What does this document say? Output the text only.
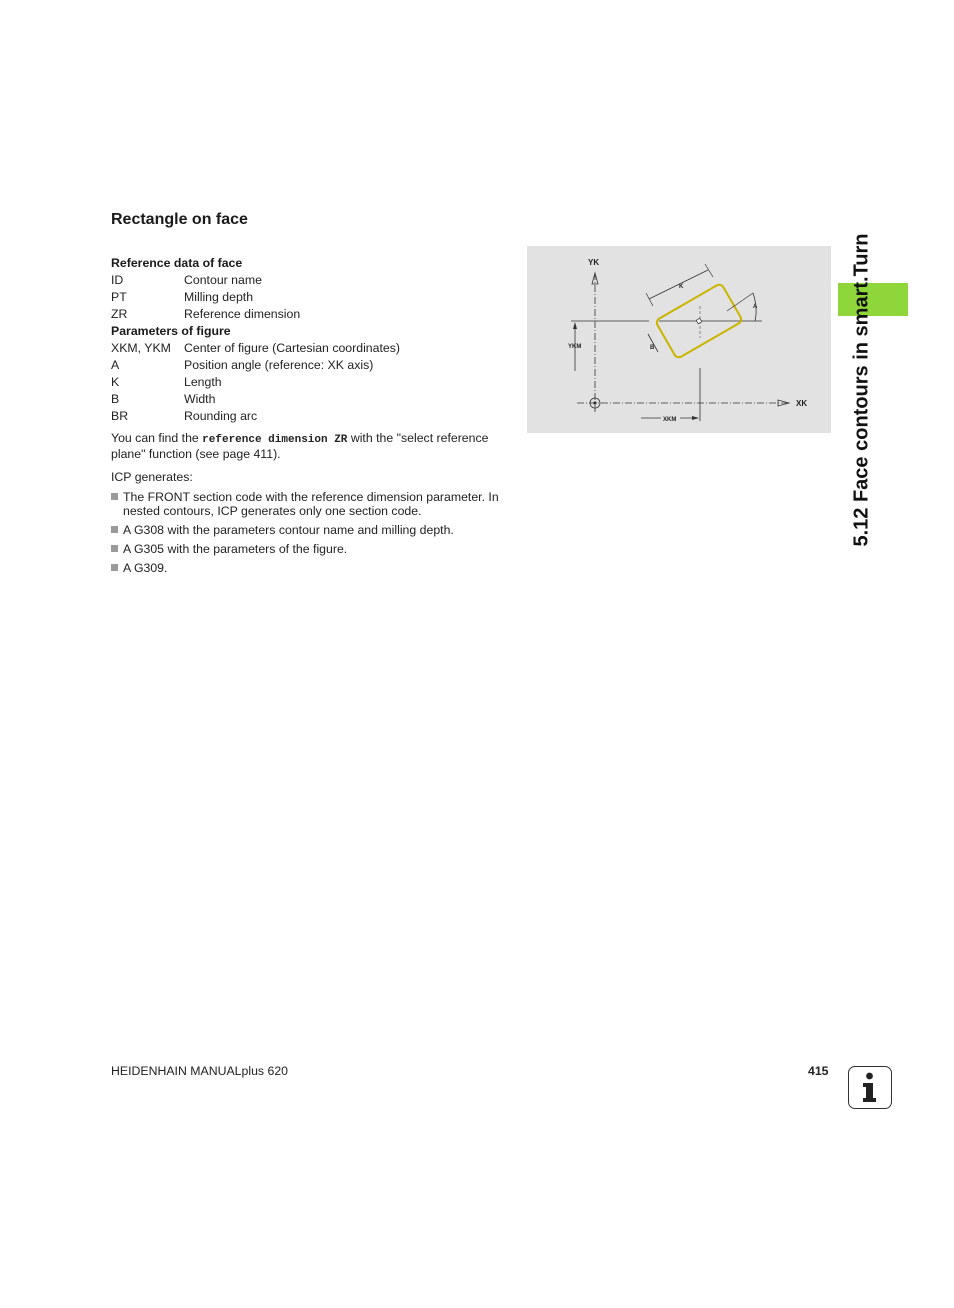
Rectangle on face
Reference data of face
ID	Contour name
PT	Milling depth
ZR	Reference dimension
Parameters of figure
XKM, YKM	Center of figure (Cartesian coordinates)
A	Position angle (reference: XK axis)
K	Length
B	Width
BR	Rounding arc
You can find the reference dimension ZR with the "select reference plane" function (see page 411).
ICP generates:
The FRONT section code with the reference dimension parameter. In nested contours, ICP generates only one section code.
A G308 with the parameters contour name and milling depth.
A G305 with the parameters of the figure.
A G309.
YK
XK
YKM
XKM
K
B
A	5.12 Face contours in smart.Turn
HEIDENHAIN MANUALplus 620	415
